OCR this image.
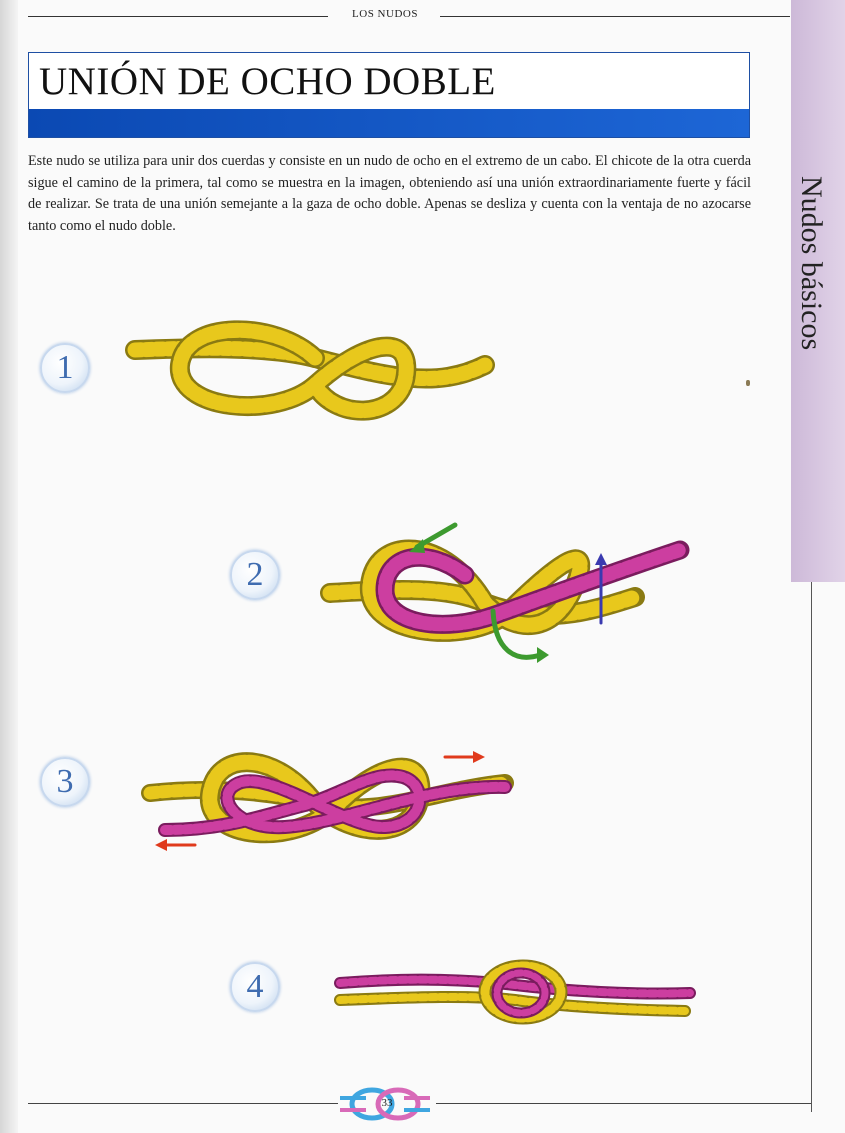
LOS NUDOS
UNIÓN DE OCHO DOBLE
Nudos básicos

Este nudo se utiliza para unir dos cuerdas y consiste en un nudo de ocho en el extremo de un cabo. El chicote de la otra cuerda sigue el camino de la primera, tal como se muestra en la imagen, obteniendo así una unión extraordinariamente fuerte y fácil de realizar. Se trata de una unión semejante a la gaza de ocho doble. Apenas se desliza y cuenta con la ventaja de no azocarse tanto como el nudo doble.

1
2
3
4
33
